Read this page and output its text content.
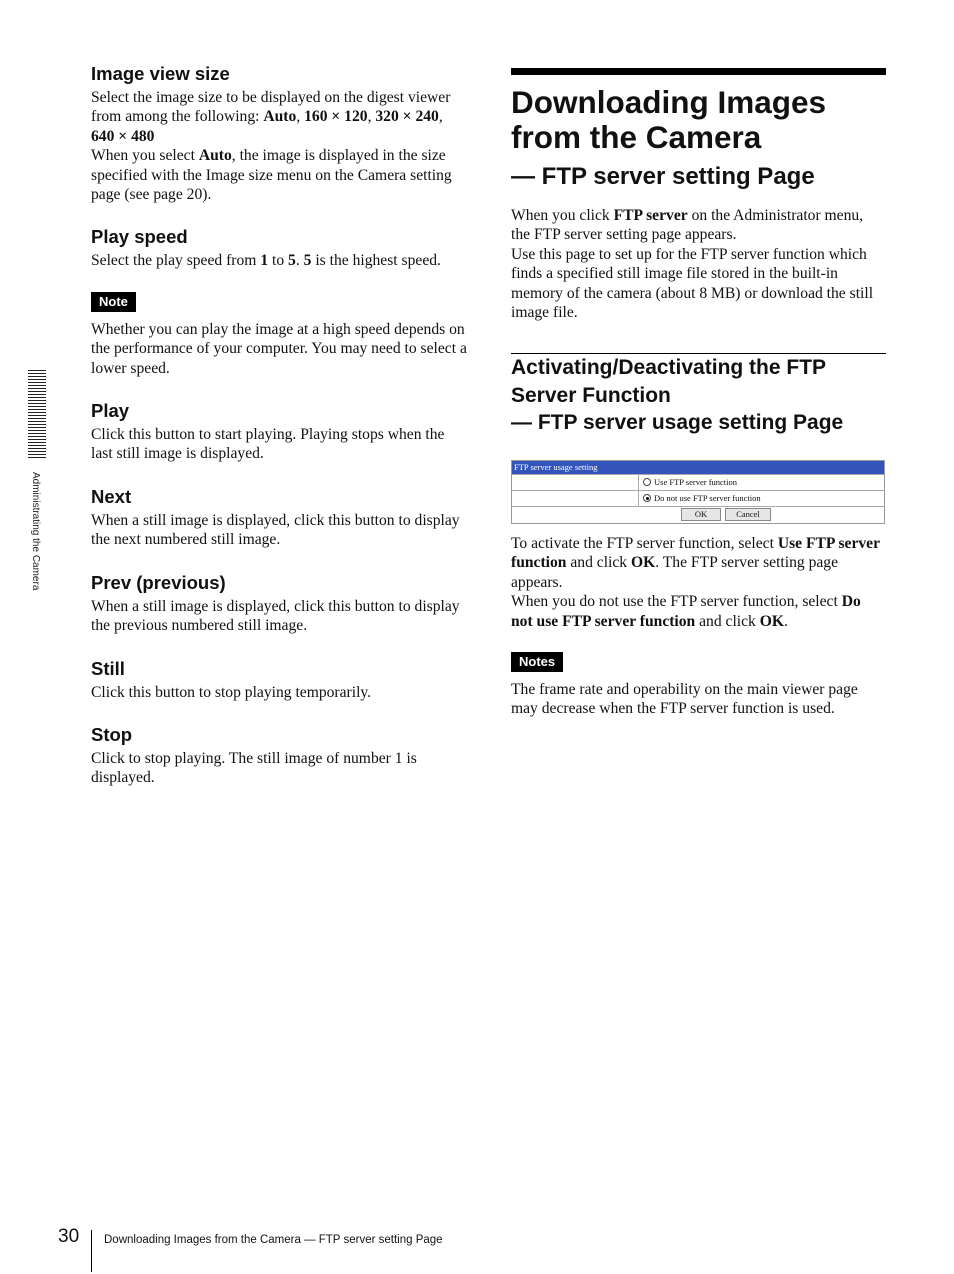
Administrating the Camera
Image view size

Select the image size to be displayed on the digest viewer from among the following: Auto, 160 × 120, 320 × 240, 640 × 480

When you select Auto, the image is displayed in the size specified with the Image size menu on the Camera setting page (see page 20).

Play speed

Select the play speed from 1 to 5. 5 is the highest speed.

Note

Whether you can play the image at a high speed depends on the performance of your computer. You may need to select a lower speed.

Play

Click this button to start playing. Playing stops when the last still image is displayed.

Next

When a still image is displayed, click this button to display the next numbered still image.

Prev (previous)

When a still image is displayed, click this button to display the previous numbered still image.

Still

Click this button to stop playing temporarily.

Stop

Click to stop playing. The still image of number 1 is displayed.

Downloading Images from the Camera
— FTP server setting Page

When you click FTP server on the Administrator menu, the FTP server setting page appears.

Use this page to set up for the FTP server function which finds a specified still image file stored in the built-in memory of the camera (about 8 MB) or download the still image file.

Activating/Deactivating the FTP Server Function
— FTP server usage setting Page
FTP server usage setting
Use FTP server function
Do not use FTP server function
OK	Cancel

To activate the FTP server function, select Use FTP server function and click OK. The FTP server setting page appears.

When you do not use the FTP server function, select Do not use FTP server function and click OK.

Notes

The frame rate and operability on the main viewer page may decrease when the FTP server function is used.

30 Downloading Images from the Camera — FTP server setting Page
